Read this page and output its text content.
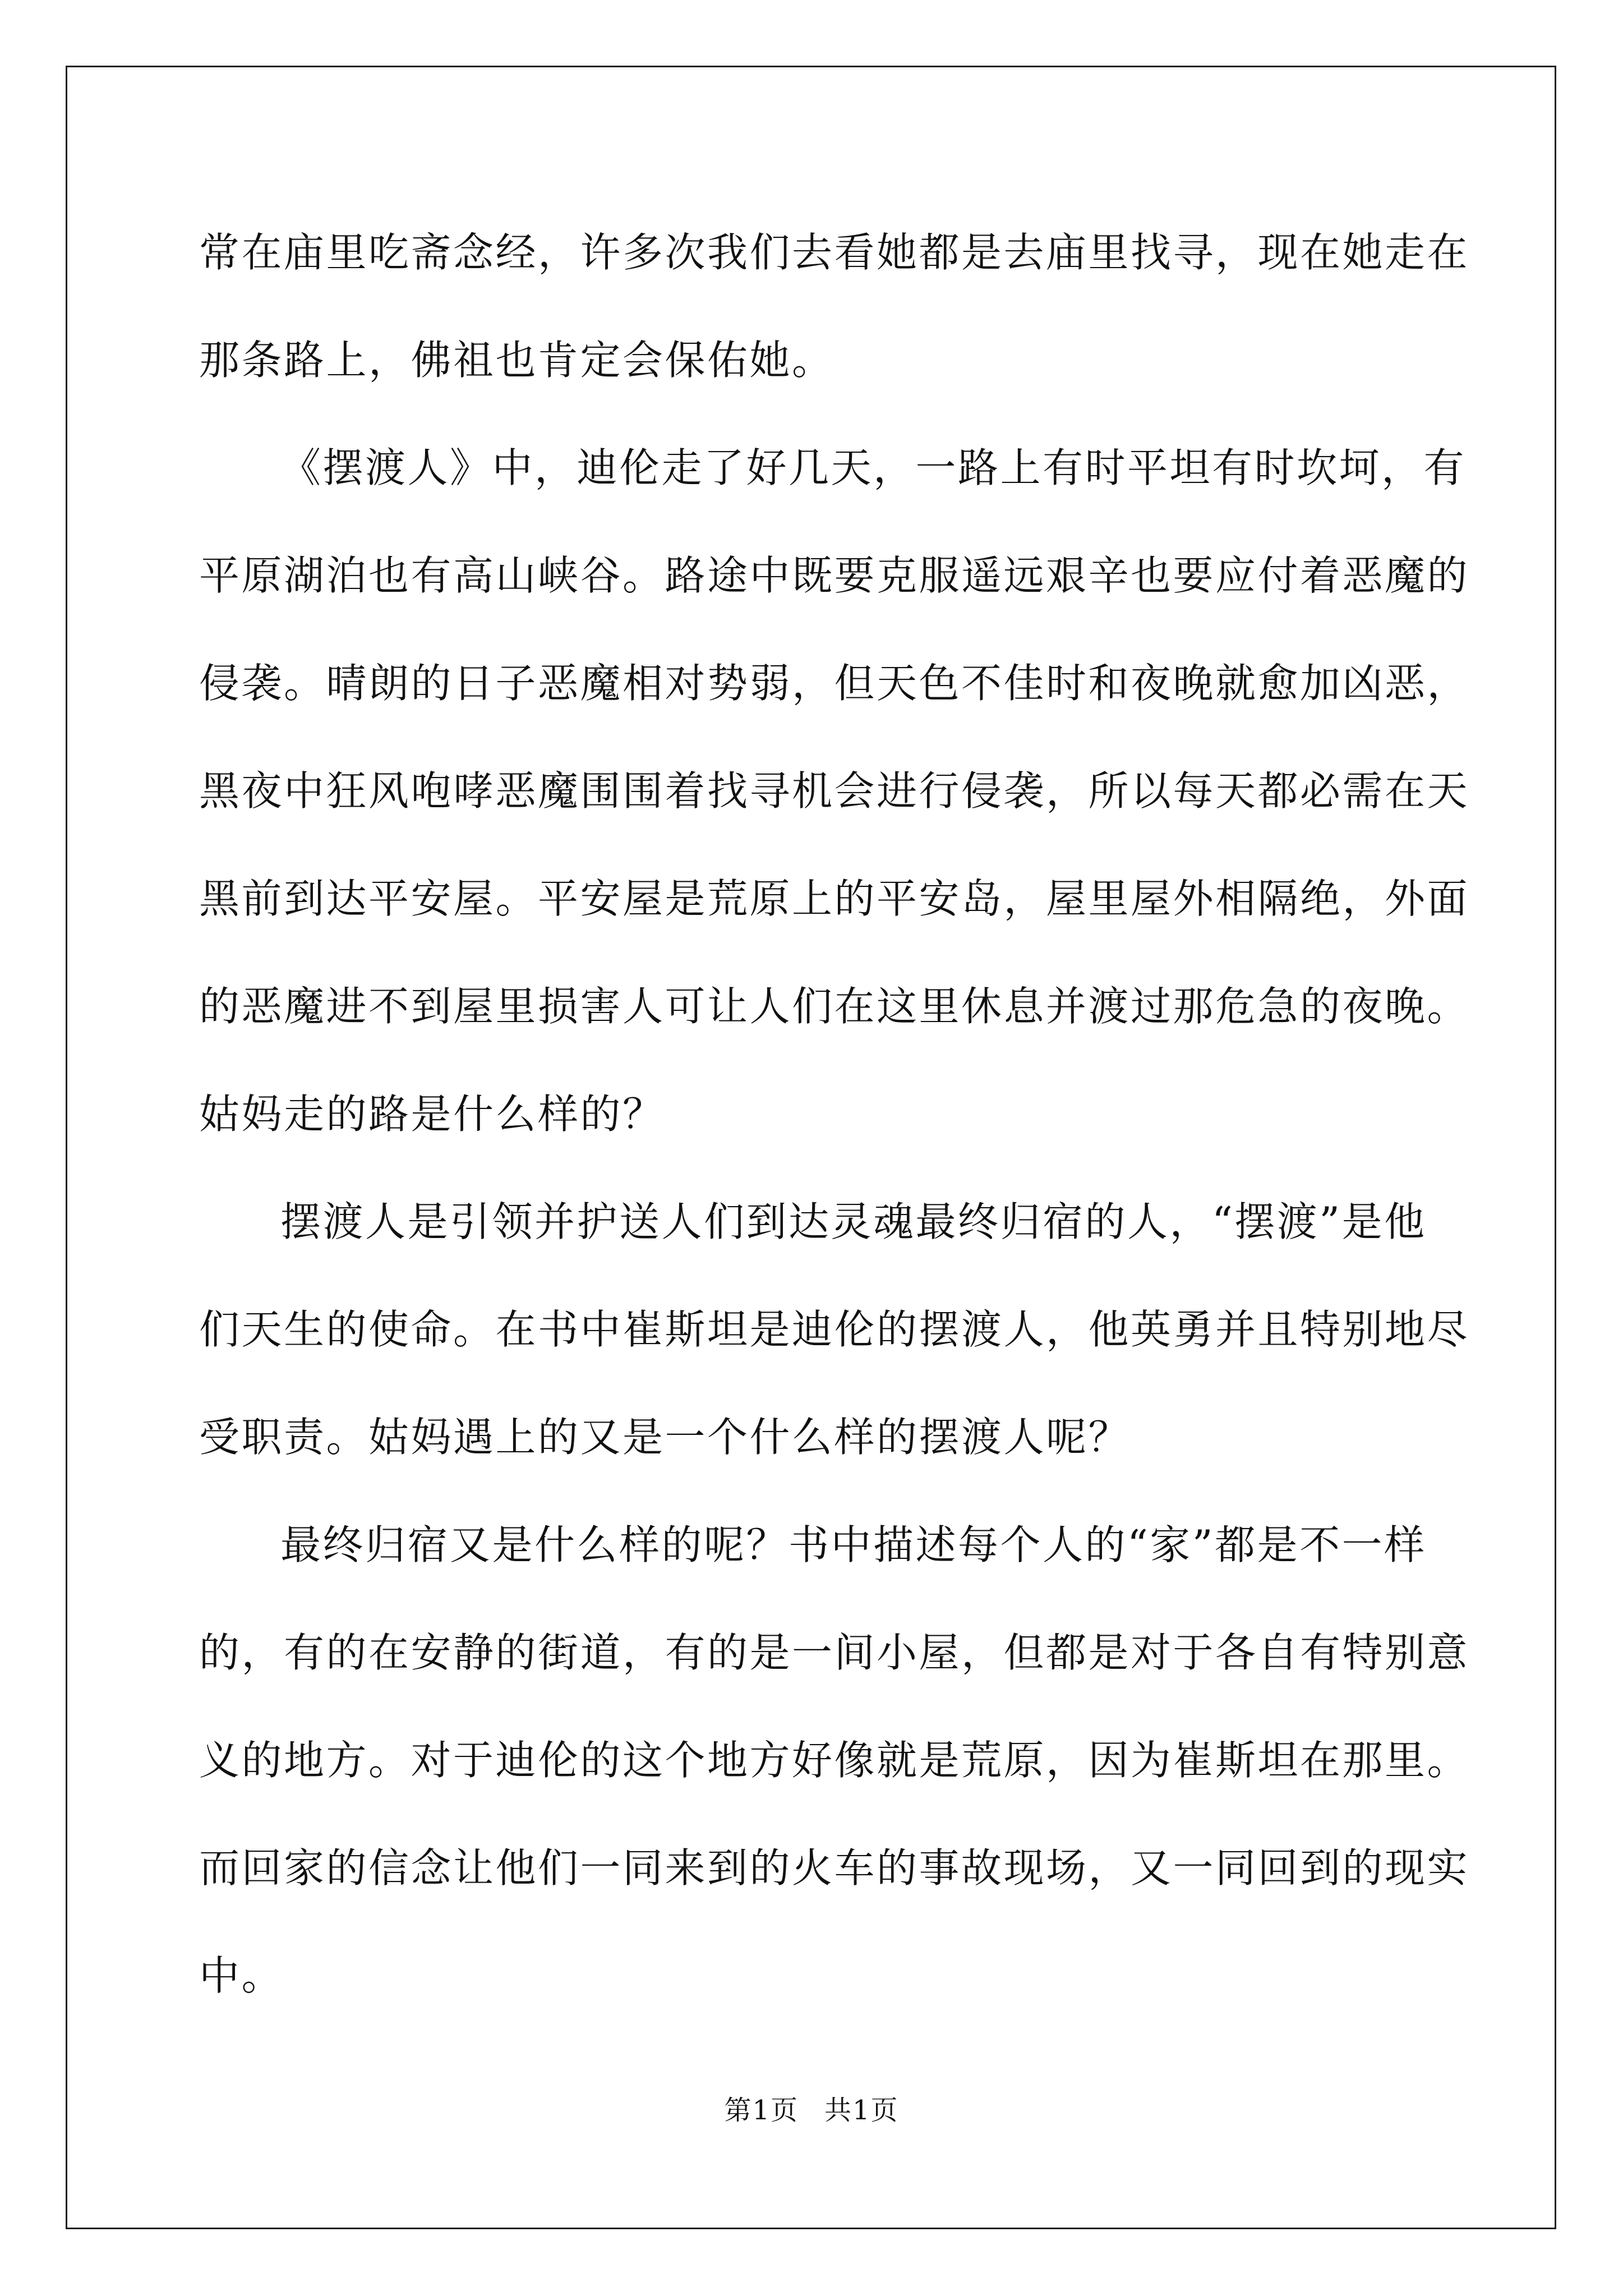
常在庙里吃斋念经，许多次我们去看她都是去庙里找寻，现在她走在
那条路上，佛祖也肯定会保佑她。
《摆渡人》中，迪伦走了好几天，一路上有时平坦有时坎坷，有
平原湖泊也有高山峡谷。路途中既要克服遥远艰辛也要应付着恶魔的
侵袭。晴朗的日子恶魔相对势弱，但天色不佳时和夜晚就愈加凶恶，
黑夜中狂风咆哮恶魔围围着找寻机会进行侵袭，所以每天都必需在天
黑前到达平安屋。平安屋是荒原上的平安岛，屋里屋外相隔绝，外面
的恶魔进不到屋里损害人可让人们在这里休息并渡过那危急的夜晚。
姑妈走的路是什么样的？
摆渡人是引领并护送人们到达灵魂最终归宿的人，“摆渡”是他
们天生的使命。在书中崔斯坦是迪伦的摆渡人，他英勇并且特别地尽
受职责。姑妈遇上的又是一个什么样的摆渡人呢？
最终归宿又是什么样的呢？书中描述每个人的“家”都是不一样
的，有的在安静的街道，有的是一间小屋，但都是对于各自有特别意
义的地方。对于迪伦的这个地方好像就是荒原，因为崔斯坦在那里。
而回家的信念让他们一同来到的火车的事故现场，又一同回到的现实
中。
第1页 共1页
